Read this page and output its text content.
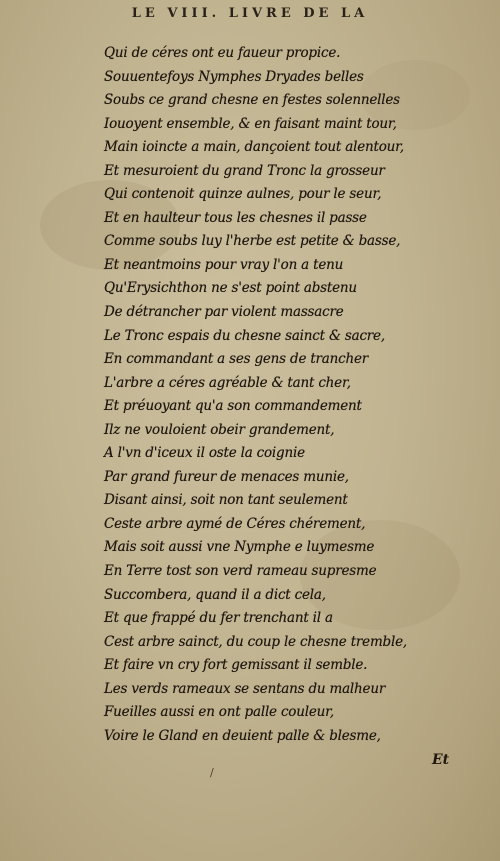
LE VIII. LIVRE DE LA
Qui de céres ont eu faueur propice.
Souuentefoys Nymphes Dryades belles
Soubs ce grand chesne en festes solennelles
Iouoyent ensemble, & en faisant maint tour,
Main ioincte a main, dançoient tout alentour,
Et mesuroient du grand Tronc la grosseur
Qui contenoit quinze aulnes, pour le seur,
Et en haulteur tous les chesnes il passe
Comme soubs luy l'herbe est petite & basse,
Et neantmoins pour vray l'on a tenu
Qu'Erysichthon ne s'est point abstenu
De détrancher par violent massacre
Le Tronc espais du chesne sainct & sacre,
En commandant a ses gens de trancher
L'arbre a céres agréable & tant cher,
Et préuoyant qu'a son commandement
Ilz ne vouloient obeir grandement,
A l'vn d'iceux il oste la coignie
Par grand fureur de menaces munie,
Disant ainsi, soit non tant seulement
Ceste arbre aymé de Céres chérement,
Mais soit aussi vne Nymphe e luymesme
En Terre tost son verd rameau supresme
Succombera, quand il a dict cela,
Et que frappé du fer trenchant il a
Cest arbre sainct, du coup le chesne tremble,
Et faire vn cry fort gemissant il semble.
Les verds rameaux se sentans du malheur
Fueilles aussi en ont palle couleur,
Voire le Gland en deuient palle & blesme,
Et
/
